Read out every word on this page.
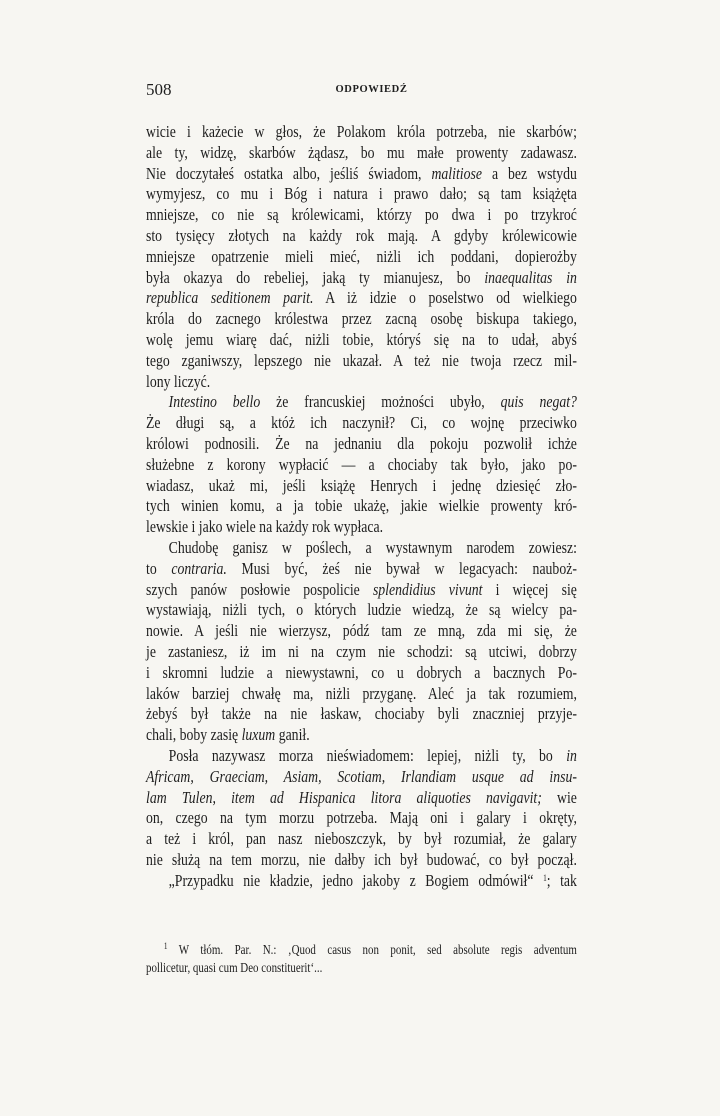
508	ODPOWIEDŹ
wicie i każecie w głos, że Polakom króla potrzeba, nie skarbów;
ale ty, widzę, skarbów żądasz, bo mu małe prowenty zadawasz.
Nie doczytałeś ostatka albo, jeśliś świadom, malitiose a bez wstydu
wymyjesz, co mu i Bóg i natura i prawo dało; są tam książęta
mniejsze, co nie są królewicami, którzy po dwa i po trzykroć
sto tysięcy złotych na każdy rok mają. A gdyby królewicowie
mniejsze opatrzenie mieli mieć, niżli ich poddani, dopierożby
była okazya do rebeliej, jaką ty mianujesz, bo inaequalitas in
republica seditionem parit. A iż idzie o poselstwo od wielkiego
króla do zacnego królestwa przez zacną osobę biskupa takiego,
wolę jemu wiarę dać, niżli tobie, któryś się na to udał, abyś
tego zganiwszy, lepszego nie ukazał. A też nie twoja rzecz mil-
lony liczyć.
Intestino bello że francuskiej możności ubyło, quis negat?
Że długi są, a któż ich naczynił? Ci, co wojnę przeciwko
królowi podnosili. Że na jednaniu dla pokoju pozwolił ichże
służebne z korony wypłacić — a chociaby tak było, jako po-
wiadasz, ukaż mi, jeśli książę Henrych i jednę dziesięć zło-
tych winien komu, a ja tobie ukażę, jakie wielkie prowenty kró-
lewskie i jako wiele na każdy rok wypłaca.
Chudobę ganisz w poślech, a wystawnym narodem zowiesz:
to contraria. Musi być, żeś nie bywał w legacyach: nauboż-
szych panów posłowie pospolicie splendidius vivunt i więcej się
wystawiają, niżli tych, o których ludzie wiedzą, że są wielcy pa-
nowie. A jeśli nie wierzysz, pódź tam ze mną, zda mi się, że
je zastaniesz, iż im ni na czym nie schodzi: są utciwi, dobrzy
i skromni ludzie a niewystawni, co u dobrych a bacznych Po-
laków barziej chwałę ma, niżli przyganę. Aleć ja tak rozumiem,
żebyś był także na nie łaskaw, chociaby byli znaczniej przyje-
chali, boby zasię luxum ganił.
Posła nazywasz morza nieświadomem: lepiej, niżli ty, bo in
Africam, Graeciam, Asiam, Scotiam, Irlandiam usque ad insu-
lam Tulen, item ad Hispanica litora aliquoties navigavit; wie
on, czego na tym morzu potrzeba. Mają oni i galary i okręty,
a też i król, pan nasz nieboszczyk, by był rozumiał, że galary
nie służą na tem morzu, nie dałby ich był budować, co był począł.
„Przypadku nie kładzie, jedno jakoby z Bogiem odmówił“ $^1$; tak
$^1$ W tłóm. Par. N.: ‚Quod casus non ponit, sed absolute regis adventum
pollicetur, quasi cum Deo constituerit‘...
